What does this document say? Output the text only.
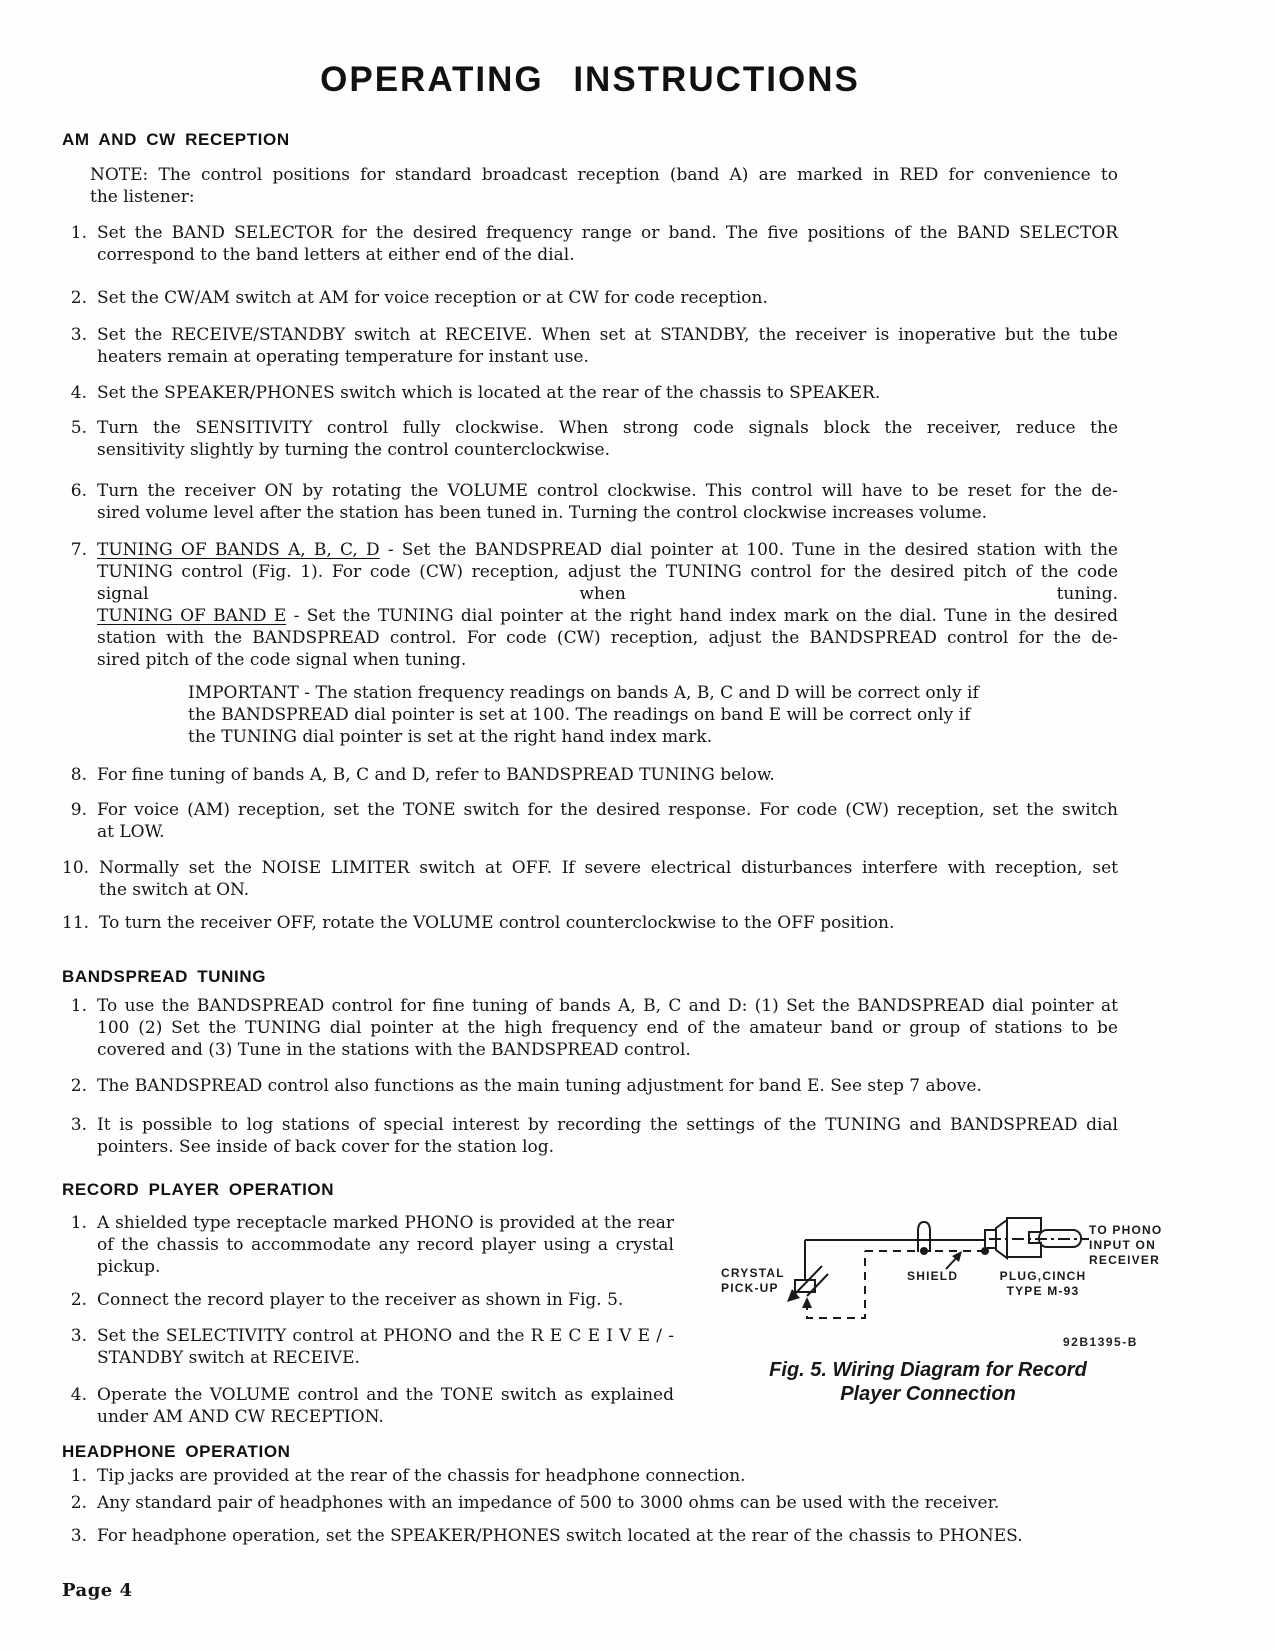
OPERATING INSTRUCTIONS
AM AND CW RECEPTION
NOTE: The control positions for standard broadcast reception (band A) are marked in RED for convenience to
the listener:
1. Set the BAND SELECTOR for the desired frequency range or band. The five positions of the BAND SELECTOR
correspond to the band letters at either end of the dial.
2. Set the CW/AM switch at AM for voice reception or at CW for code reception.
3. Set the RECEIVE/STANDBY switch at RECEIVE. When set at STANDBY, the receiver is inoperative but the tube
heaters remain at operating temperature for instant use.
4. Set the SPEAKER/PHONES switch which is located at the rear of the chassis to SPEAKER.
5. Turn the SENSITIVITY control fully clockwise. When strong code signals block the receiver, reduce the
sensitivity slightly by turning the control counterclockwise.
6. Turn the receiver ON by rotating the VOLUME control clockwise. This control will have to be reset for the de-
sired volume level after the station has been tuned in. Turning the control clockwise increases volume.
7. TUNING OF BANDS A, B, C, D - Set the BANDSPREAD dial pointer at 100. Tune in the desired station with the
TUNING control (Fig. 1). For code (CW) reception, adjust the TUNING control for the desired pitch of the code
signal when tuning.
TUNING OF BAND E - Set the TUNING dial pointer at the right hand index mark on the dial. Tune in the desired
station with the BANDSPREAD control. For code (CW) reception, adjust the BANDSPREAD control for the de-
sired pitch of the code signal when tuning.
IMPORTANT - The station frequency readings on bands A, B, C and D will be correct only if
the BANDSPREAD dial pointer is set at 100. The readings on band E will be correct only if
the TUNING dial pointer is set at the right hand index mark.
8. For fine tuning of bands A, B, C and D, refer to BANDSPREAD TUNING below.
9. For voice (AM) reception, set the TONE switch for the desired response. For code (CW) reception, set the switch
at LOW.
10. Normally set the NOISE LIMITER switch at OFF. If severe electrical disturbances interfere with reception, set
the switch at ON.
11. To turn the receiver OFF, rotate the VOLUME control counterclockwise to the OFF position.
BANDSPREAD TUNING
1. To use the BANDSPREAD control for fine tuning of bands A, B, C and D: (1) Set the BANDSPREAD dial pointer at
100 (2) Set the TUNING dial pointer at the high frequency end of the amateur band or group of stations to be
covered and (3) Tune in the stations with the BANDSPREAD control.
2. The BANDSPREAD control also functions as the main tuning adjustment for band E. See step 7 above.
3. It is possible to log stations of special interest by recording the settings of the TUNING and BANDSPREAD dial
pointers. See inside of back cover for the station log.
RECORD PLAYER OPERATION
1. A shielded type receptacle marked PHONO is provided at the rear
of the chassis to accommodate any record player using a crystal
pickup.
2. Connect the record player to the receiver as shown in Fig. 5.
3. Set the SELECTIVITY control at PHONO and the R E C E I V E / -
STANDBY switch at RECEIVE.
4. Operate the VOLUME control and the TONE switch as explained
under AM AND CW RECEPTION.
CRYSTAL
PICK-UP
SHIELD	PLUG,CINCH
TYPE M-93
TO PHONO
INPUT ON
RECEIVER
92B1395-B
Fig. 5. Wiring Diagram for Record
Player Connection
HEADPHONE OPERATION
1. Tip jacks are provided at the rear of the chassis for headphone connection.
2. Any standard pair of headphones with an impedance of 500 to 3000 ohms can be used with the receiver.
3. For headphone operation, set the SPEAKER/PHONES switch located at the rear of the chassis to PHONES.
Page 4
